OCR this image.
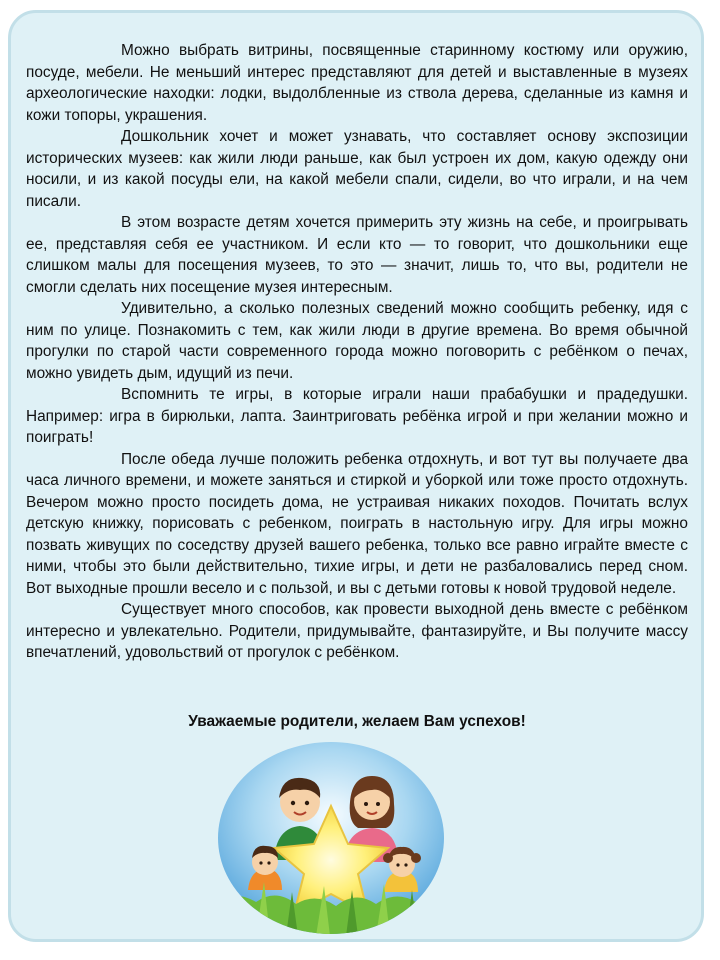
Можно выбрать витрины, посвященные старинному костюму или оружию, посуде, мебели. Не меньший интерес представляют для детей и выставленные в музеях археологические находки: лодки, выдолбленные из ствола дерева, сделанные из камня и кожи топоры, украшения.

Дошкольник хочет и может узнавать, что составляет основу экспозиции исторических музеев: как жили люди раньше, как был устроен их дом, какую одежду они носили, и из какой посуды ели, на какой мебели спали, сидели, во что играли, и на чем писали.

В этом возрасте детям хочется примерить эту жизнь на себе, и проигрывать ее, представляя себя ее участником. И если кто — то говорит, что дошкольники еще слишком малы для посещения музеев, то это — значит, лишь то, что вы, родители не смогли сделать них посещение музея интересным.

Удивительно, а сколько полезных сведений можно сообщить ребенку, идя с ним по улице. Познакомить с тем, как жили люди в другие времена. Во время обычной прогулки по старой части современного города можно поговорить с ребёнком о печах, можно увидеть дым, идущий из печи.

Вспомнить те игры, в которые играли наши прабабушки и прадедушки. Например: игра в бирюльки, лапта. Заинтриговать ребёнка игрой и при желании можно и поиграть!

После обеда лучше положить ребенка отдохнуть, и вот тут вы получаете два часа личного времени, и можете заняться и стиркой и уборкой или тоже просто отдохнуть. Вечером можно просто посидеть дома, не устраивая никаких походов. Почитать вслух детскую книжку, порисовать с ребенком, поиграть в настольную игру. Для игры можно позвать живущих по соседству друзей вашего ребенка, только все равно играйте вместе с ними, чтобы это были действительно, тихие игры, и дети не разбаловались перед сном. Вот выходные прошли весело и с пользой, и вы с детьми готовы к новой трудовой неделе.

Существует много способов, как провести выходной день вместе с ребёнком интересно и увлекательно. Родители, придумывайте, фантазируйте, и Вы получите массу впечатлений, удовольствий от прогулок с ребёнком.

Уважаемые родители, желаем Вам успехов!
